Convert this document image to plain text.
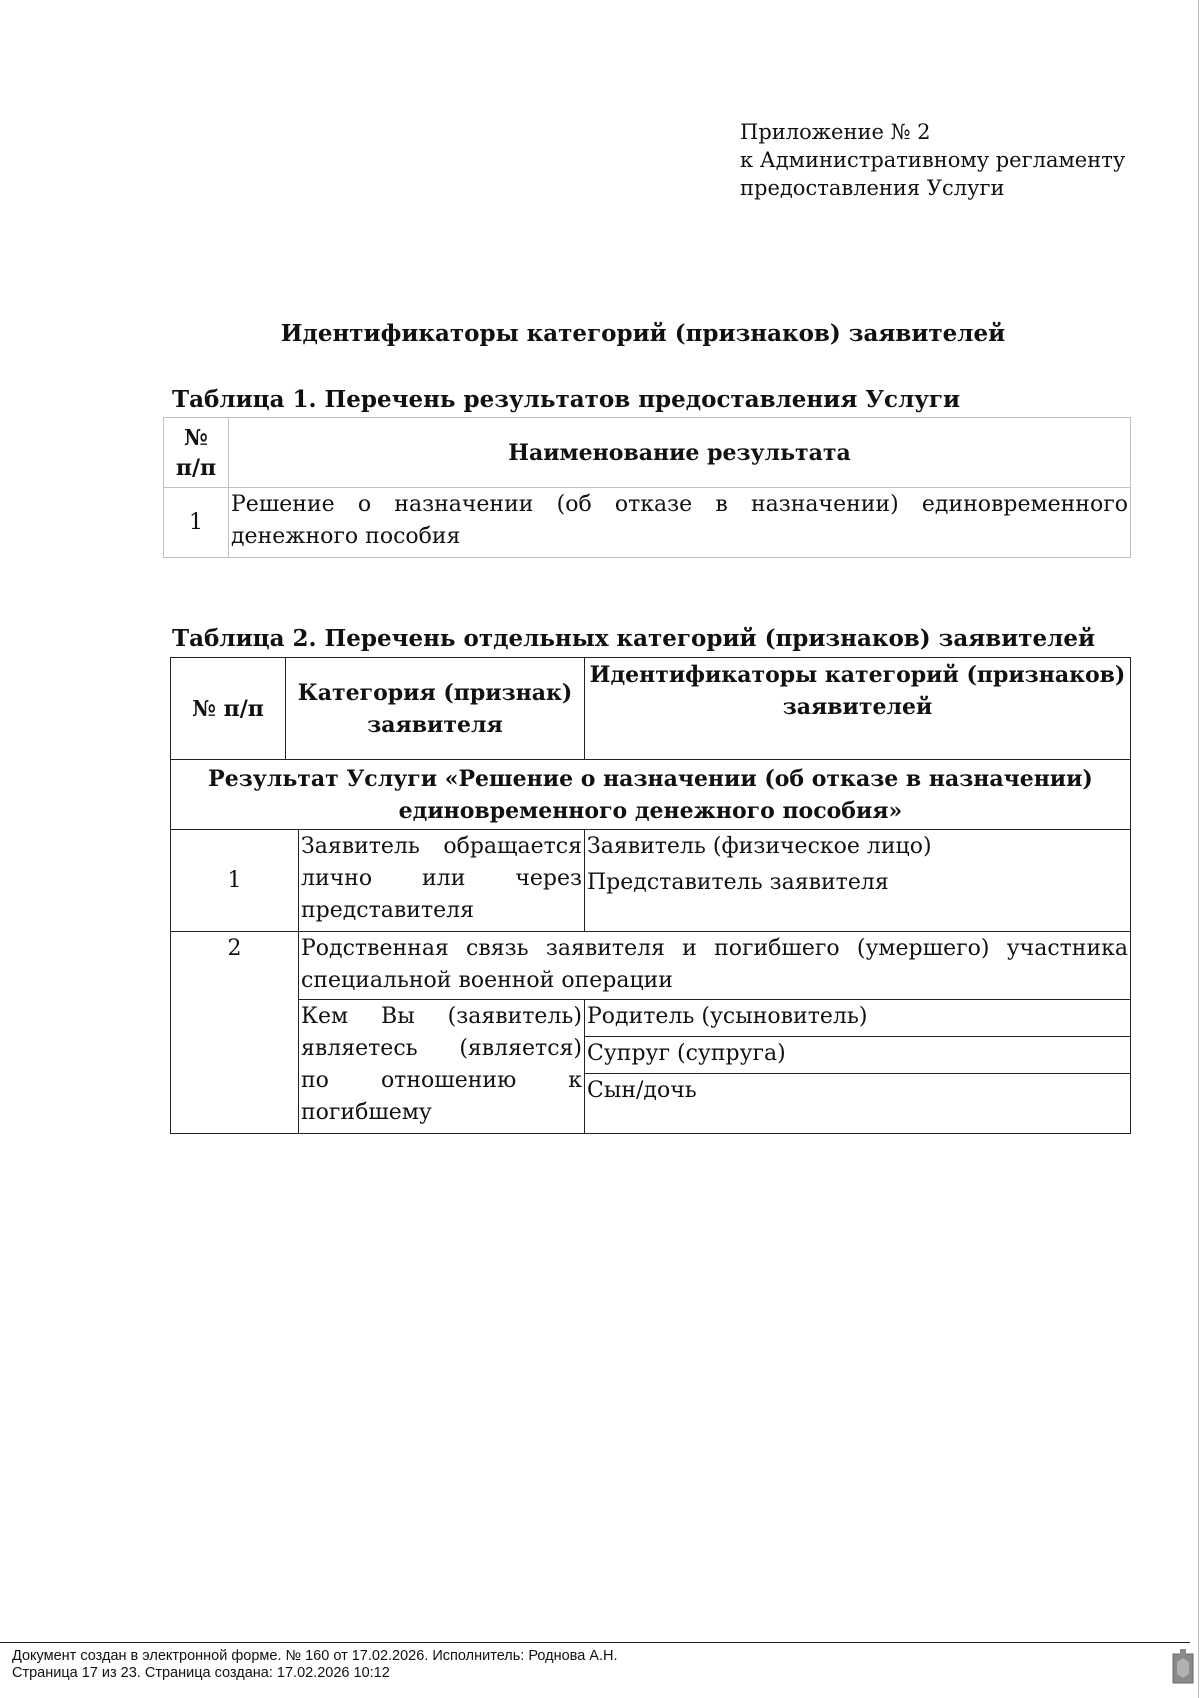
Приложение № 2
к Административному регламенту
предоставления Услуги
Идентификаторы категорий (признаков) заявителей
Таблица 1. Перечень результатов предоставления Услуги
№
п/п	Наименование результата
1	Решение о назначении (об отказе в назначении) единовременного денежного пособия
Таблица 2. Перечень отдельных категорий (признаков) заявителей
№ п/п	Категория (признак) заявителя		Идентификаторы категорий (признаков) заявителей
Результат Услуги «Решение о назначении (об отказе в назначении) единовременного денежного пособия»			
1		Заявитель обращается лично или через представителя	Заявитель (физическое лицо)
Представитель заявителя

2		Родственная связь заявителя и погибшего (умершего) участника специальной военной операции	
		Кем Вы (заявитель) являетесь (является) по отношению к погибшему	Родитель (усыновитель)
			Супруг (супруга)
			Сын/дочь
Документ создан в электронной форме. № 160 от 17.02.2026. Исполнитель: Роднова А.Н.
Страница 17 из 23. Страница создана: 17.02.2026 10:12
